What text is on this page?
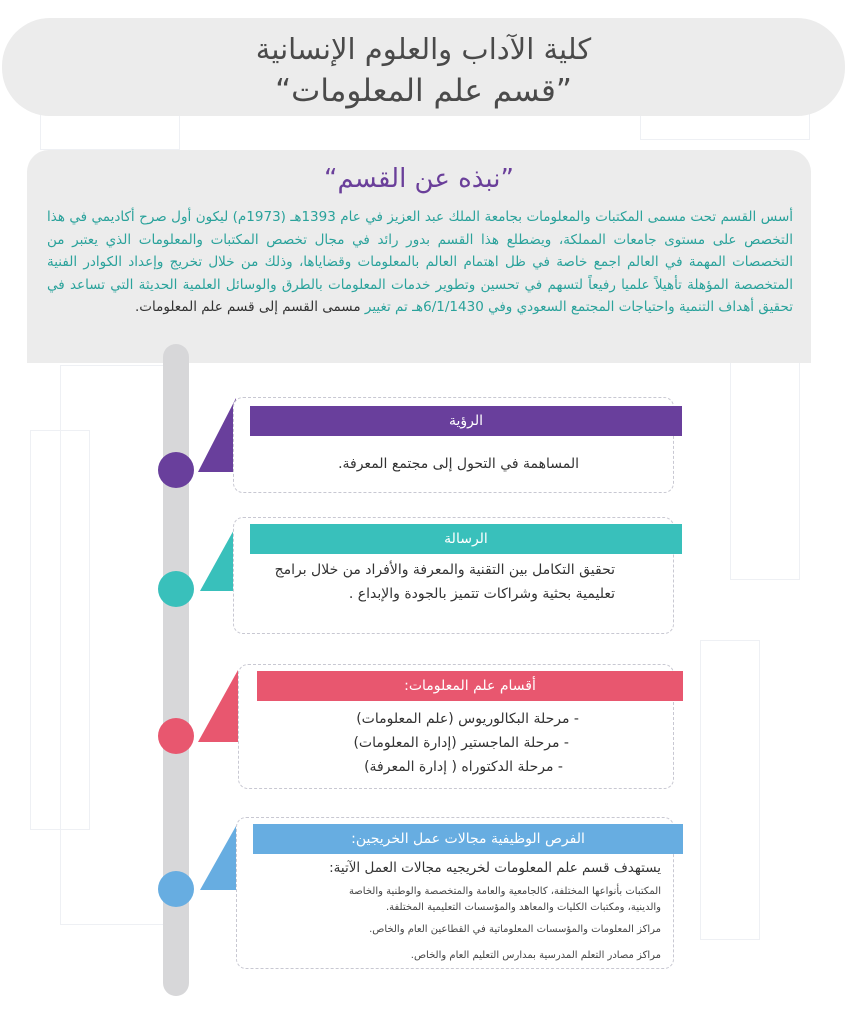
كلية الآداب والعلوم الإنسانية
”قسم علم المعلومات“
”نبذه عن القسم“
أسس القسم تحت مسمى المكتبات والمعلومات بجامعة الملك عبد العزيز في عام 1393هـ (1973م) ليكون أول صرح أكاديمي في هذا التخصص على مستوى جامعات المملكة، ويضطلع هذا القسم بدور رائد في مجال تخصص المكتبات والمعلومات الذي يعتبر من التخصصات المهمة في العالم اجمع خاصة في ظل اهتمام العالم بالمعلومات وقضاياها، وذلك من خلال تخريج وإعداد الكوادر الفنية المتخصصة المؤهلة تأهيلاً علميا رفيعاً لتسهم في تحسين وتطوير خدمات المعلومات بالطرق والوسائل العلمية الحديثة التي تساعد في تحقيق أهداف التنمية واحتياجات المجتمع السعودي وفي 6/1/1430هـ تم تغيير مسمى القسم إلى قسم علم المعلومات.
الرؤية
المساهمة في التحول إلى مجتمع المعرفة.
الرسالة
تحقيق التكامل بين التقنية والمعرفة والأفراد من خلال برامج
تعليمية بحثية وشراكات تتميز بالجودة والإبداع .
أقسام علم المعلومات:
- مرحلة البكالوريوس (علم المعلومات)
- مرحلة الماجستير (إدارة المعلومات)
- مرحلة الدكتوراه ( إدارة المعرفة)
الفرص الوظيفية مجالات عمل الخريجين:
يستهدف قسم علم المعلومات لخريجيه مجالات العمل الآتية:
المكتبات بأنواعها المختلفة، كالجامعية والعامة والمتخصصة والوطنية والخاصة
والدينية، ومكتبات الكليات والمعاهد والمؤسسات التعليمية المختلفة.
مراكز المعلومات والمؤسسات المعلوماتية في القطاعين العام والخاص.
مراكز مصادر التعلم المدرسية بمدارس التعليم العام والخاص.
